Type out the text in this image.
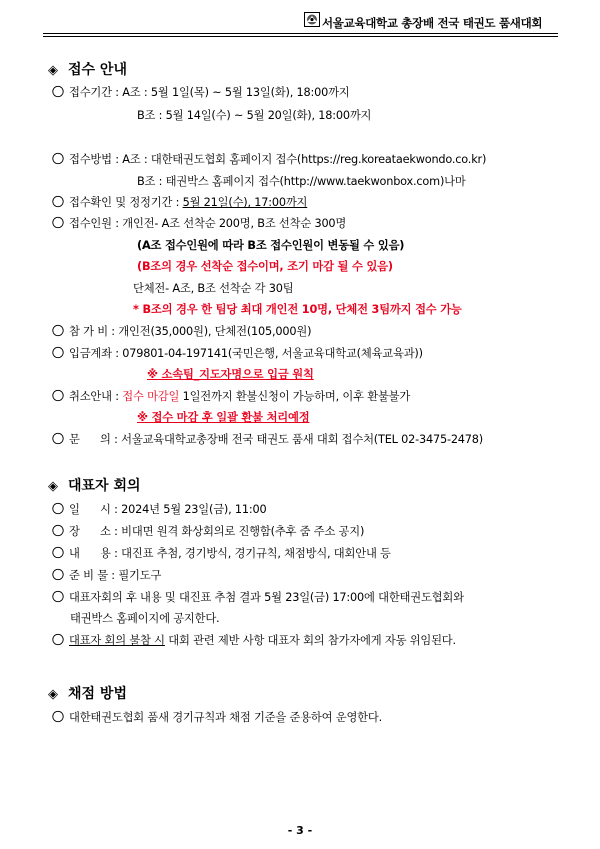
서울교육대학교 총장배 전국 태권도 품새대회
◈ 접수 안내
접수기간 : A조 : 5월 1일(목) ~ 5월 13일(화), 18:00까지
B조 : 5월 14일(수) ~ 5월 20일(화), 18:00까지
접수방법 : A조 : 대한태권도협회 홈페이지 접수(https://reg.koreataekwondo.co.kr)
B조 : 태권박스 홈페이지 접수(http://www.taekwonbox.com)나마
접수확인 및 정정기간 : 5월 21일(수), 17:00까지
접수인원 : 개인전- A조 선착순 200명, B조 선착순 300명
(A조 접수인원에 따라 B조 접수인원이 변동될 수 있음)
(B조의 경우 선착순 접수이며, 조기 마감 될 수 있음)
단체전- A조, B조 선착순 각 30팀
* B조의 경우 한 팀당 최대 개인전 10명, 단체전 3팀까지 접수 가능
참 가 비 : 개인전(35,000원), 단체전(105,000원)
입금계좌 : 079801-04-197141(국민은행, 서울교육대학교(체육교육과))
※ 소속팀_지도자명으로 입금 원칙
취소안내 : 접수 마감일 1일전까지 환불신청이 가능하며, 이후 환불불가
※ 접수 마감 후 일괄 환불 처리예정
문      의 : 서울교육대학교총장배 전국 태권도 품새 대회 접수처(TEL 02-3475-2478)
◈ 대표자 회의
일      시 : 2024년 5월 23일(금), 11:00
장      소 : 비대면 원격 화상회의로 진행함(추후 줌 주소 공지)
내      용 : 대진표 추첨, 경기방식, 경기규칙, 채점방식, 대회안내 등
준 비 물 : 필기도구
대표자회의 후 내용 및 대진표 추첨 결과 5월 23일(금) 17:00에 대한태권도협회와
태권박스 홈페이지에 공지한다.
대표자 회의 불참 시 대회 관련 제반 사항 대표자 회의 참가자에게 자동 위임된다.
◈ 채점 방법
대한태권도협회 품새 경기규칙과 채점 기준을 준용하여 운영한다.
- 3 -
